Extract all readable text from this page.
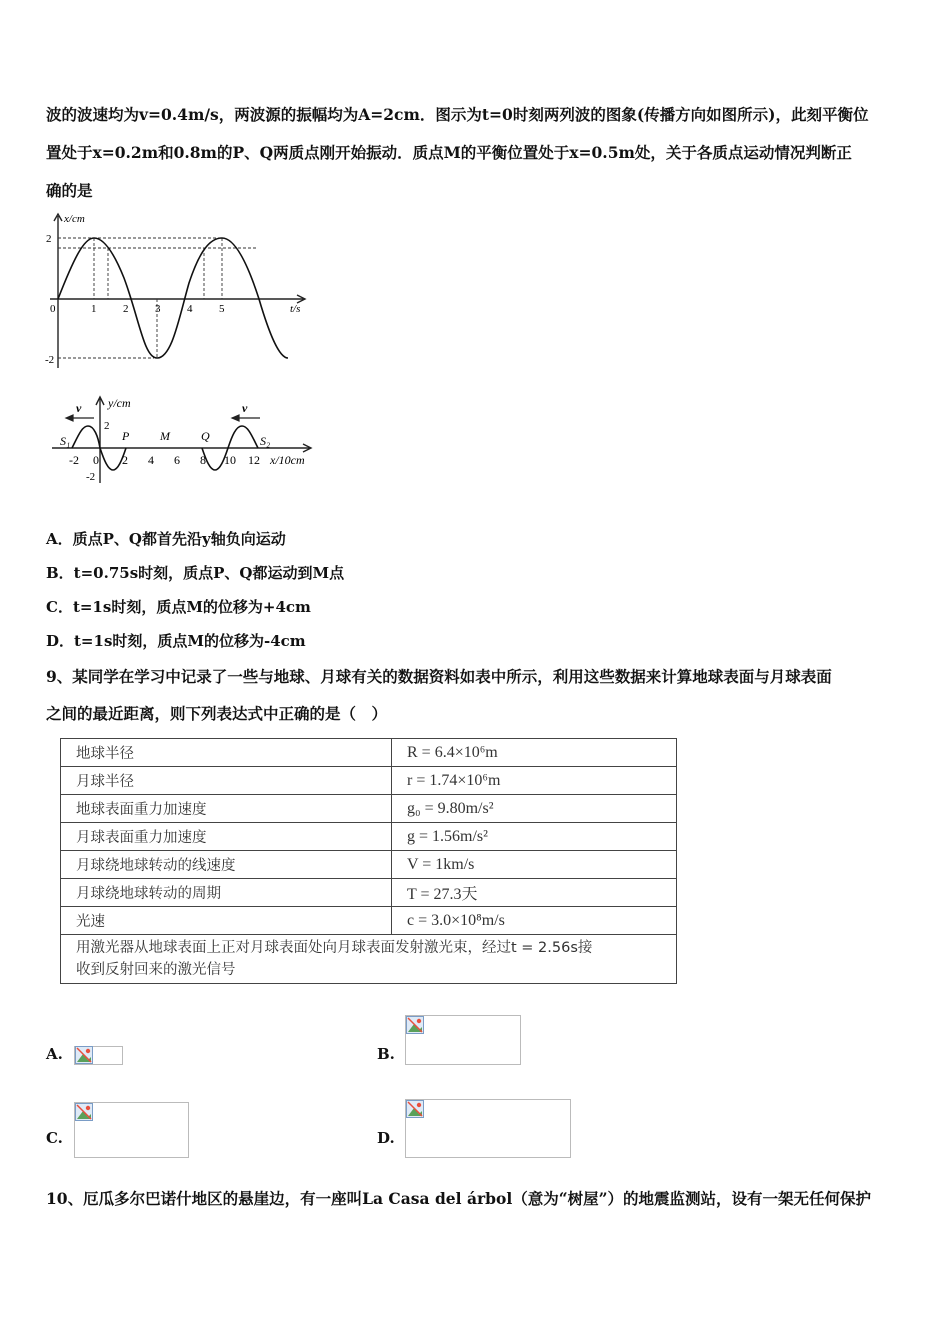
波的波速均为v=0.4m/s，两波源的振幅均为A=2cm．图示为t=0时刻两列波的图象(传播方向如图所示)，此刻平衡位
置处于x=0.2m和0.8m的P、Q两质点刚开始振动．质点M的平衡位置处于x=0.5m处，关于各质点运动情况判断正
确的是
x/cm
t/s
2
0
-2
1 2 3 4 5
v	v
y/cm
2
-2
S₁	P	M	Q	S₂
-2 0 2 4 6 8 10 12 x/10cm
A．质点P、Q都首先沿y轴负向运动
B．t=0.75s时刻，质点P、Q都运动到M点
C．t=1s时刻，质点M的位移为+4cm
D．t=1s时刻，质点M的位移为-4cm
9、某同学在学习中记录了一些与地球、月球有关的数据资料如表中所示，利用这些数据来计算地球表面与月球表面
之间的最近距离，则下列表达式中正确的是（　）
地球半径	R = 6.4×10⁶m
月球半径	r = 1.74×10⁶m
地球表面重力加速度	g₀ = 9.80m/s²
月球表面重力加速度	g = 1.56m/s²
月球绕地球转动的线速度	V = 1km/s
月球绕地球转动的周期	T = 27.3天
光速	c = 3.0×10⁸m/s

用激光器从地球表面上正对月球表面处向月球表面发射激光束，经过t = 2.56s接
收到反射回来的激光信号	
A.	B.
C.	D.
10、厄瓜多尔巴诺什地区的悬崖边，有一座叫La Casa del árbol（意为“树屋”）的地震监测站，设有一架无任何保护
